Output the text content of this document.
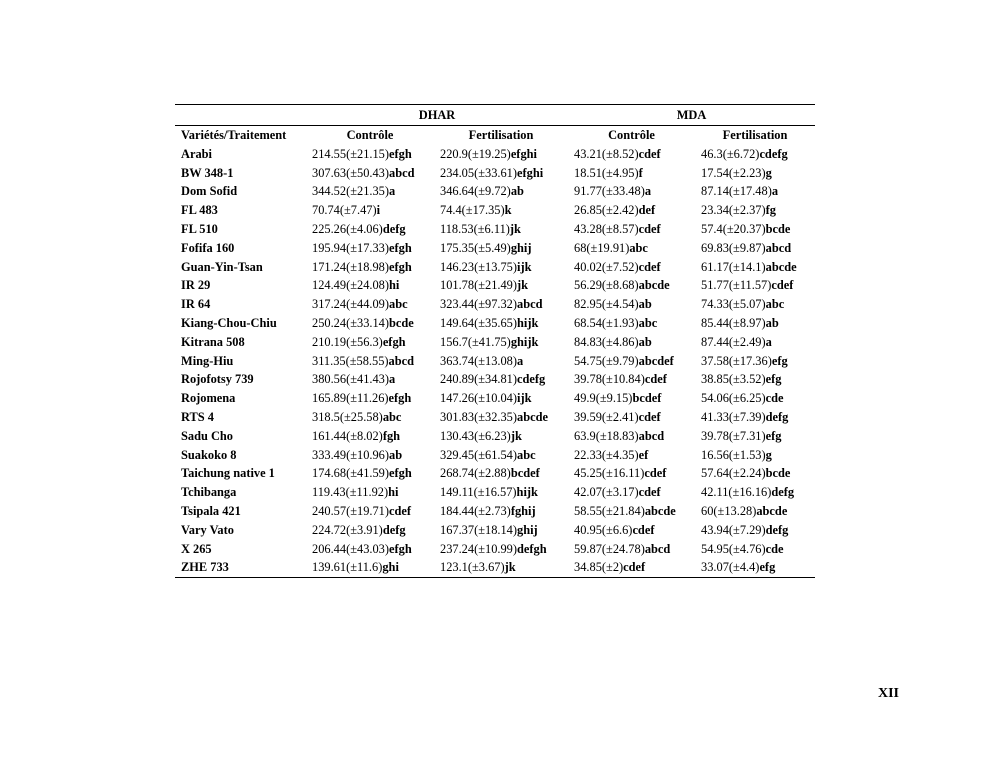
	DHAR		MDA	
Variétés/Traitement	Contrôle	Fertilisation	Contrôle	Fertilisation
Arabi	214.55(±21.15)efgh	220.9(±19.25)efghi	43.21(±8.52)cdef	46.3(±6.72)cdefg
BW 348-1	307.63(±50.43)abcd	234.05(±33.61)efghi	18.51(±4.95)f	17.54(±2.23)g
Dom Sofid	344.52(±21.35)a	346.64(±9.72)ab	91.77(±33.48)a	87.14(±17.48)a
FL 483	70.74(±7.47)i	74.4(±17.35)k	26.85(±2.42)def	23.34(±2.37)fg
FL 510	225.26(±4.06)defg	118.53(±6.11)jk	43.28(±8.57)cdef	57.4(±20.37)bcde
Fofifa 160	195.94(±17.33)efgh	175.35(±5.49)ghij	68(±19.91)abc	69.83(±9.87)abcd
Guan-Yin-Tsan	171.24(±18.98)efgh	146.23(±13.75)ijk	40.02(±7.52)cdef	61.17(±14.1)abcde
IR 29	124.49(±24.08)hi	101.78(±21.49)jk	56.29(±8.68)abcde	51.77(±11.57)cdef
IR 64	317.24(±44.09)abc	323.44(±97.32)abcd	82.95(±4.54)ab	74.33(±5.07)abc
Kiang-Chou-Chiu	250.24(±33.14)bcde	149.64(±35.65)hijk	68.54(±1.93)abc	85.44(±8.97)ab
Kitrana 508	210.19(±56.3)efgh	156.7(±41.75)ghijk	84.83(±4.86)ab	87.44(±2.49)a
Ming-Hiu	311.35(±58.55)abcd	363.74(±13.08)a	54.75(±9.79)abcdef	37.58(±17.36)efg
Rojofotsy 739	380.56(±41.43)a	240.89(±34.81)cdefg	39.78(±10.84)cdef	38.85(±3.52)efg
Rojomena	165.89(±11.26)efgh	147.26(±10.04)ijk	49.9(±9.15)bcdef	54.06(±6.25)cde
RTS 4	318.5(±25.58)abc	301.83(±32.35)abcde	39.59(±2.41)cdef	41.33(±7.39)defg
Sadu Cho	161.44(±8.02)fgh	130.43(±6.23)jk	63.9(±18.83)abcd	39.78(±7.31)efg
Suakoko 8	333.49(±10.96)ab	329.45(±61.54)abc	22.33(±4.35)ef	16.56(±1.53)g
Taichung native 1	174.68(±41.59)efgh	268.74(±2.88)bcdef	45.25(±16.11)cdef	57.64(±2.24)bcde
Tchibanga	119.43(±11.92)hi	149.11(±16.57)hijk	42.07(±3.17)cdef	42.11(±16.16)defg
Tsipala 421	240.57(±19.71)cdef	184.44(±2.73)fghij	58.55(±21.84)abcde	60(±13.28)abcde
Vary Vato	224.72(±3.91)defg	167.37(±18.14)ghij	40.95(±6.6)cdef	43.94(±7.29)defg
X 265	206.44(±43.03)efgh	237.24(±10.99)defgh	59.87(±24.78)abcd	54.95(±4.76)cde
ZHE 733	139.61(±11.6)ghi	123.1(±3.67)jk	34.85(±2)cdef	33.07(±4.4)efg
XII
